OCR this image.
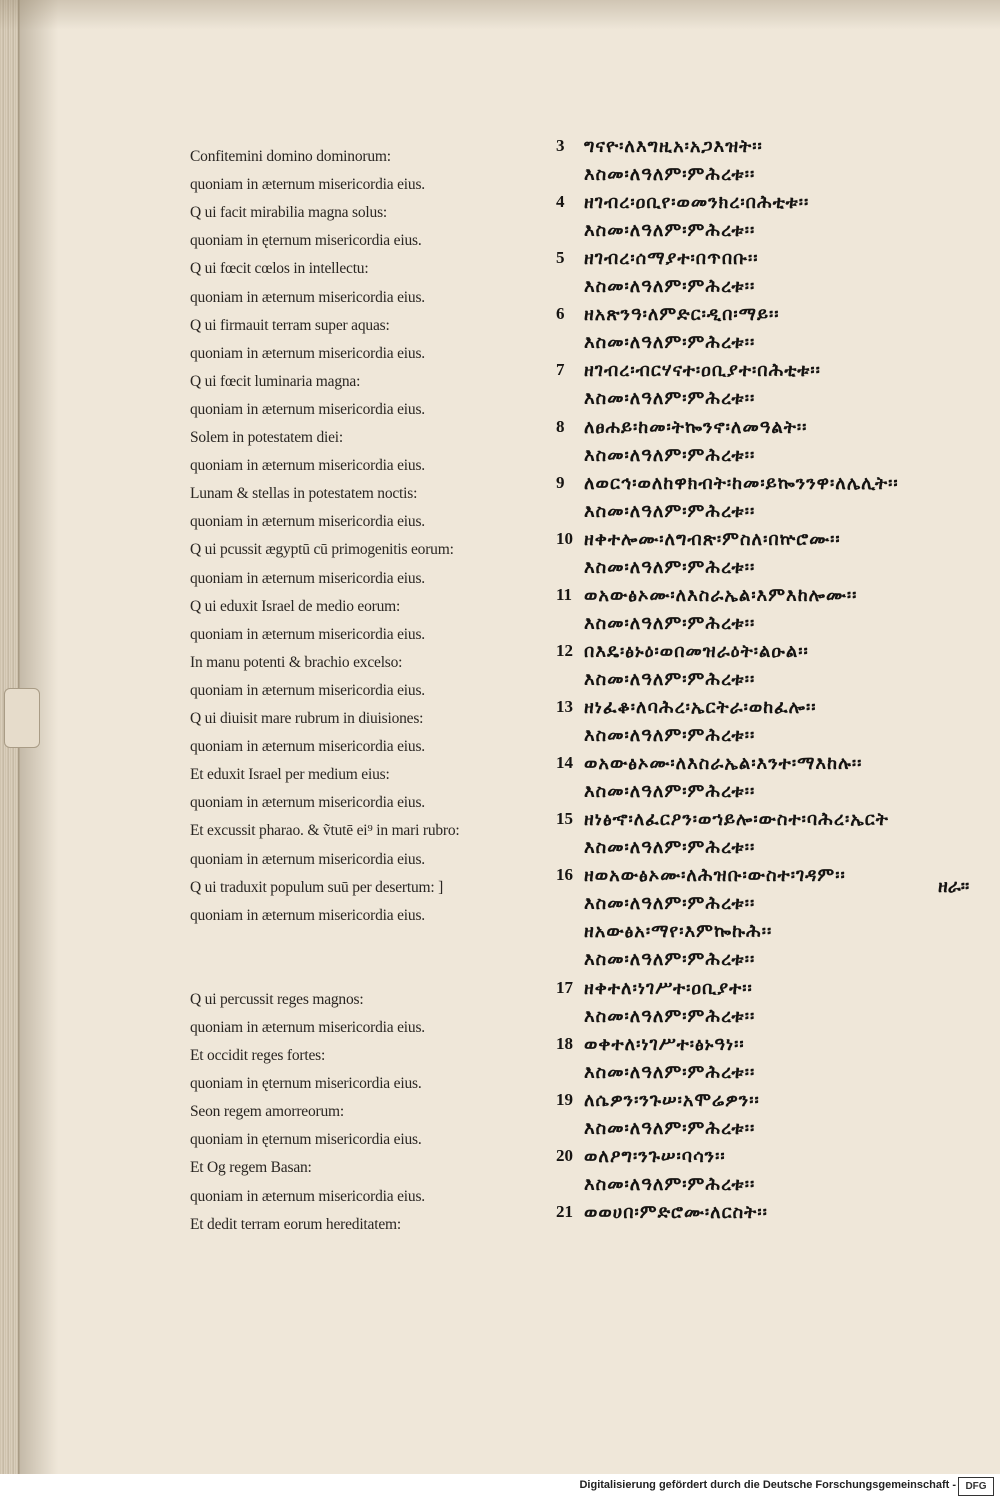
Confitemini domino dominorum:
quoniam in æternum misericordia eius.
Q ui facit mirabilia magna solus:
quoniam in ęternum misericordia eius.
Q ui fœcit cœlos in intellectu:
quoniam in æternum misericordia eius.
Q ui firmauit terram super aquas:
quoniam in æternum misericordia eius.
Q ui fœcit luminaria magna:
quoniam in æternum misericordia eius.
Solem in potestatem diei:
quoniam in æternum misericordia eius.
Lunam & stellas in potestatem noctis:
quoniam in æternum misericordia eius.
Q ui pcussit ægyptū cū primogenitis eorum:
quoniam in æternum misericordia eius.
Q ui eduxit Israel de medio eorum:
quoniam in æternum misericordia eius.
In manu potenti & brachio excelso:
quoniam in æternum misericordia eius.
Q ui diuisit mare rubrum in diuisiones:
quoniam in æternum misericordia eius.
Et eduxit Israel per medium eius:
quoniam in æternum misericordia eius.
Et excussit pharao. & ṽtutē ei⁹ in mari rubro:
quoniam in æternum misericordia eius.
Q ui traduxit populum suū per desertum: ]
quoniam in æternum misericordia eius.
Q ui percussit reges magnos:
quoniam in æternum misericordia eius.
Et occidit reges fortes:
quoniam in ęternum misericordia eius.
Seon regem amorreorum:
quoniam in ęternum misericordia eius.
Et Og regem Basan:
quoniam in æternum misericordia eius.
Et dedit terram eorum hereditatem:
3	ግናዮ፡ለእግዚአ፡አጋእዝት፡፡
እስመ፡ለዓለም፡ምሕረቱ፡፡
4	ዘገብረ፡ዐቢየ፡ወመንክረ፡በሕቲቱ፡፡
እስመ፡ለዓለም፡ምሕረቱ፡፡
5	ዘገብረ፡ሰማያተ፡በጥበቡ፡፡
እስመ፡ለዓለም፡ምሕረቱ፡፡
6	ዘአጽንዓ፡ለምድር፡ዲበ፡ማይ፡፡
እስመ፡ለዓለም፡ምሕረቱ፡፡
7	ዘገብረ፡ብርሃናተ፡ዐቢያተ፡በሕቲቱ፡፡
እስመ፡ለዓለም፡ምሕረቱ፡፡
8	ለፀሐይ፡ከመ፡ትኰንኖ፡ለመዓልት፡፡
እስመ፡ለዓለም፡ምሕረቱ፡፡
9	ለወርኅ፡ወለከዋክብት፡ከመ፡ይኰንንዋ፡ለሌሊት፡፡
እስመ፡ለዓለም፡ምሕረቱ፡፡
10 ዘቀተሎሙ፡ለግብጽ፡ምስለ፡በኵሮሙ፡፡
እስመ፡ለዓለም፡ምሕረቱ፡፡
11 ወአውፅኦሙ፡ለእስራኤል፡እምእከሎሙ፡፡
እስመ፡ለዓለም፡ምሕረቱ፡፡
12 በእዴ፡ፅኑዕ፡ወበመዝራዕት፡ልዑል፡፡
እስመ፡ለዓለም፡ምሕረቱ፡፡
13 ዘነፈቆ፡ለባሕረ፡ኤርትራ፡ወከፈሎ፡፡
እስመ፡ለዓለም፡ምሕረቱ፡፡
14 ወአውፅኦሙ፡ለእስራኤል፡እንተ፡ማእከሉ፡፡
እስመ፡ለዓለም፡ምሕረቱ፡፡
15 ዘነፅኆ፡ለፈርዖን፡ወኀይሎ፡ውስተ፡ባሕረ፡ኤርት
እስመ፡ለዓለም፡ምሕረቱ፡፡
16 ዘወአውፅኦሙ፡ለሕዝቡ፡ውስተ፡ገዳም፡፡
እስመ፡ለዓለም፡ምሕረቱ፡፡
ዘአውፅአ፡ማየ፡እምኰኩሕ፡፡
እስመ፡ለዓለም፡ምሕረቱ፡፡
17 ዘቀተለ፡ነገሥተ፡ዐቢያተ፡፡
እስመ፡ለዓለም፡ምሕረቱ፡፡
18 ወቀተለ፡ነገሥተ፡ፅኑዓነ፡፡
እስመ፡ለዓለም፡ምሕረቱ፡፡
19 ለሴዎን፡ንጉሠ፡አሞሬዎን፡፡
እስመ፡ለዓለም፡ምሕረቱ፡፡
20 ወለዖግ፡ንጉሠ፡ባሳን፡፡
እስመ፡ለዓለም፡ምሕረቱ፡፡
21 ወወሀበ፡ምድሮሙ፡ለርስት፡፡
ዘራ፡፡
Digitalisierung gefördert durch die Deutsche Forschungsgemeinschaft - DFG
